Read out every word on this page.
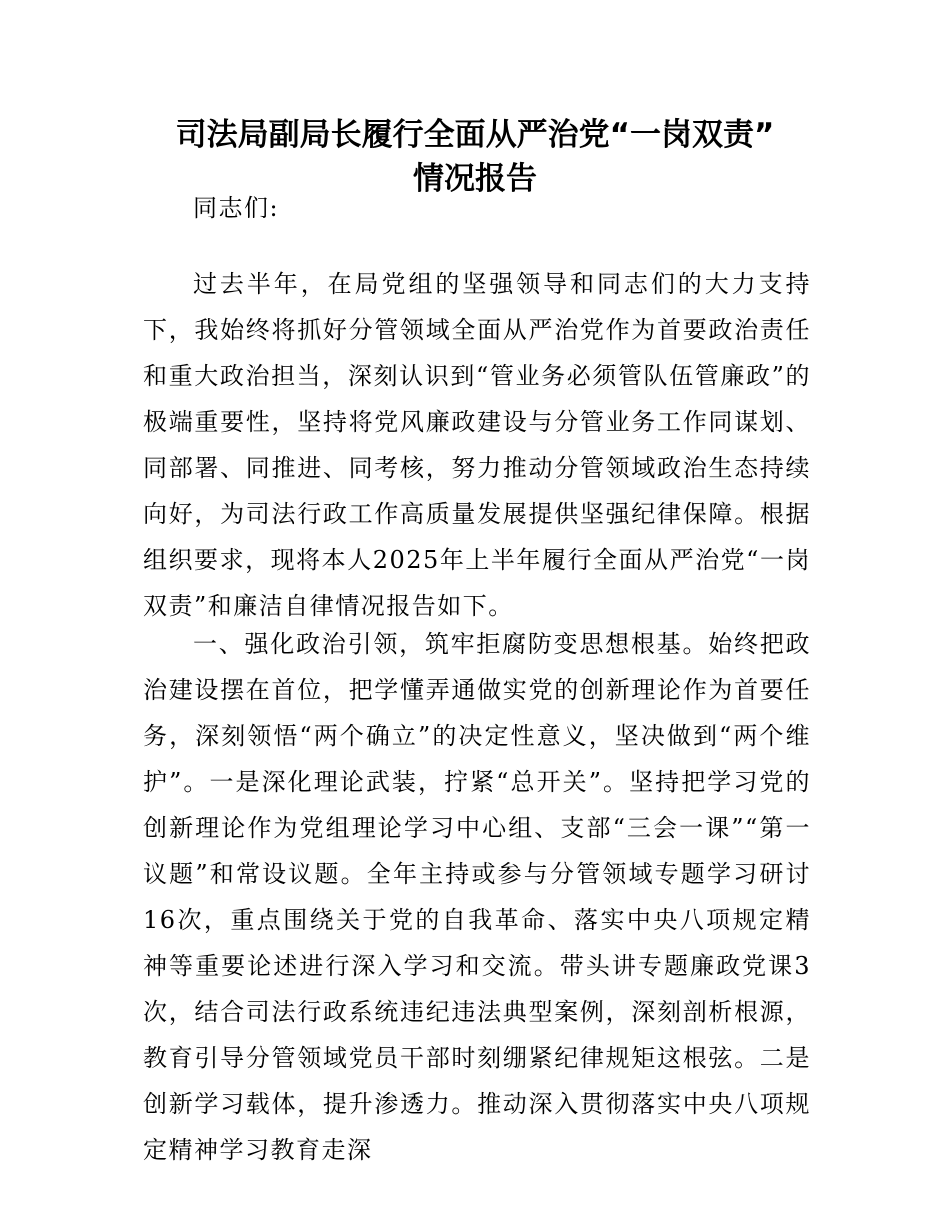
司法局副局长履行全面从严治党“一岗双责”
情况报告

同志们:

过去半年，在局党组的坚强领导和同志们的大力支持下，我始终将抓好分管领域全面从严治党作为首要政治责任和重大政治担当，深刻认识到“管业务必须管队伍管廉政”的极端重要性，坚持将党风廉政建设与分管业务工作同谋划、同部署、同推进、同考核，努力推动分管领域政治生态持续向好，为司法行政工作高质量发展提供坚强纪律保障。根据组织要求，现将本人2025年上半年履行全面从严治党“一岗双责”和廉洁自律情况报告如下。

一、强化政治引领，筑牢拒腐防变思想根基。始终把政治建设摆在首位，把学懂弄通做实党的创新理论作为首要任务，深刻领悟“两个确立”的决定性意义，坚决做到“两个维护”。一是深化理论武装，拧紧“总开关”。坚持把学习党的创新理论作为党组理论学习中心组、支部“三会一课”“第一议题”和常设议题。全年主持或参与分管领域专题学习研讨16次，重点围绕关于党的自我革命、落实中央八项规定精神等重要论述进行深入学习和交流。带头讲专题廉政党课3次，结合司法行政系统违纪违法典型案例，深刻剖析根源，教育引导分管领域党员干部时刻绷紧纪律规矩这根弦。二是创新学习载体，提升渗透力。推动深入贯彻落实中央八项规定精神学习教育走深
